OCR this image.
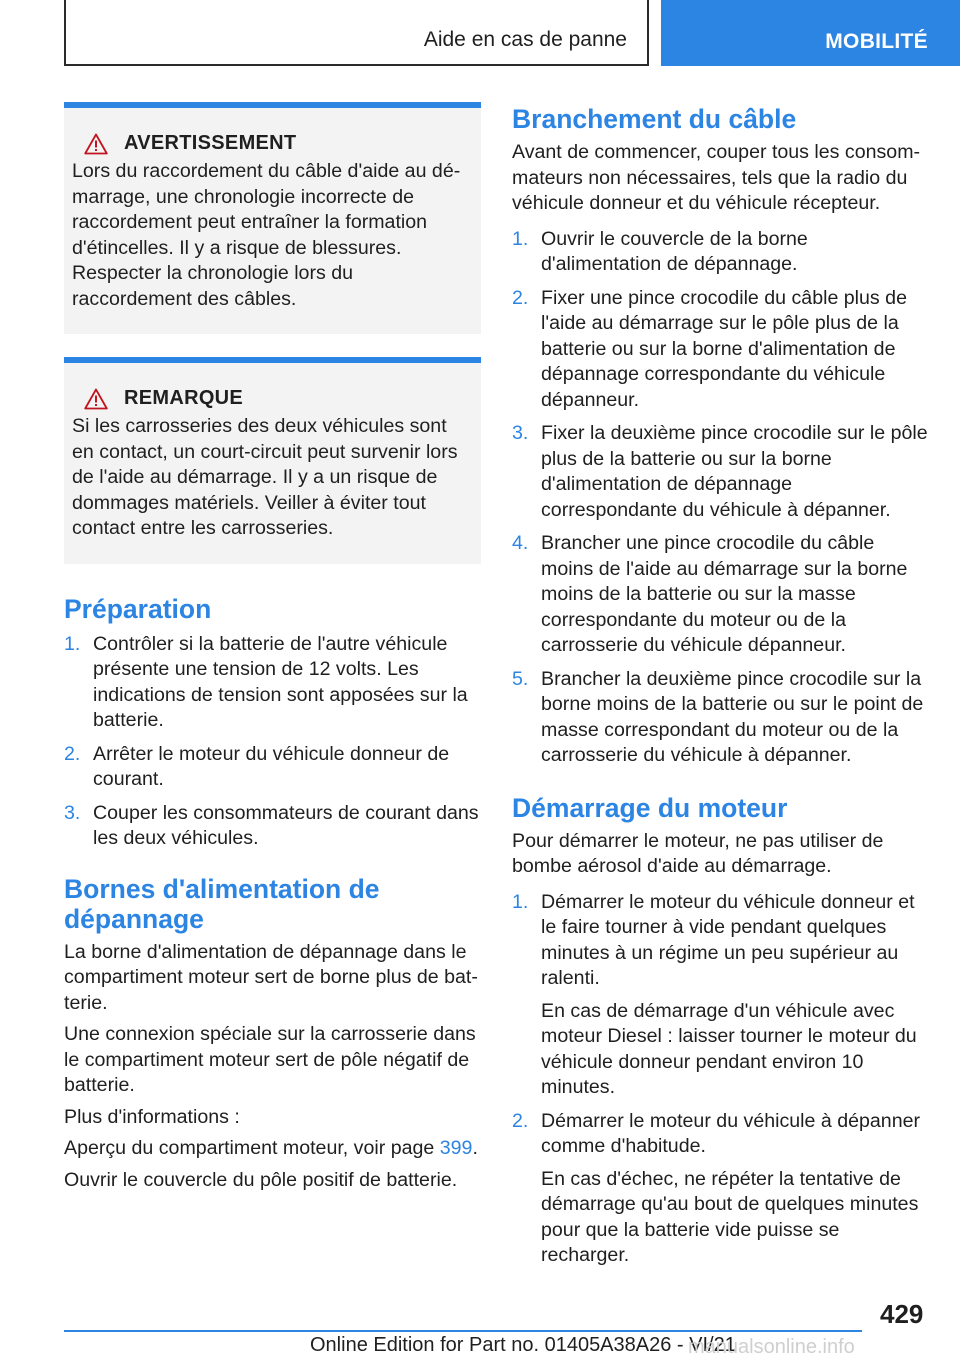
Aide en cas de panne	MOBILITÉ
AVERTISSEMENT
Lors du raccordement du câble d'aide au démarrage, une chronologie incorrecte de raccordement peut entraîner la formation d'étincelles. Il y a risque de blessures. Respecter la chronologie lors du raccordement des câbles.
REMARQUE
Si les carrosseries des deux véhicules sont en contact, un court-circuit peut survenir lors de l'aide au démarrage. Il y a un risque de dommages matériels. Veiller à éviter tout contact entre les carrosseries.
Préparation
1. Contrôler si la batterie de l'autre véhicule présente une tension de 12 volts. Les indications de tension sont apposées sur la batterie.
2. Arrêter le moteur du véhicule donneur de courant.
3. Couper les consommateurs de courant dans les deux véhicules.
Bornes d'alimentation de dépannage

La borne d'alimentation de dépannage dans le compartiment moteur sert de borne plus de batterie.

Une connexion spéciale sur la carrosserie dans le compartiment moteur sert de pôle négatif de batterie.

Plus d'informations :

Aperçu du compartiment moteur, voir page 399.

Ouvrir le couvercle du pôle positif de batterie.

Branchement du câble

Avant de commencer, couper tous les consommateurs non nécessaires, tels que la radio du véhicule donneur et du véhicule récepteur.

1. Ouvrir le couvercle de la borne d'alimentation de dépannage.
2. Fixer une pince crocodile du câble plus de l'aide au démarrage sur le pôle plus de la batterie ou sur la borne d'alimentation de dépannage correspondante du véhicule dépanneur.
3. Fixer la deuxième pince crocodile sur le pôle plus de la batterie ou sur la borne d'alimentation de dépannage correspondante du véhicule à dépanner.
4. Brancher une pince crocodile du câble moins de l'aide au démarrage sur la borne moins de la batterie ou sur la masse correspondante du moteur ou de la carrosserie du véhicule dépanneur.
5. Brancher la deuxième pince crocodile sur la borne moins de la batterie ou sur le point de masse correspondant du moteur ou de la carrosserie du véhicule à dépanner.
Démarrage du moteur

Pour démarrer le moteur, ne pas utiliser de bombe aérosol d'aide au démarrage.

1. Démarrer le moteur du véhicule donneur et le faire tourner à vide pendant quelques minutes à un régime un peu supérieur au ralenti.
En cas de démarrage d'un véhicule avec moteur Diesel : laisser tourner le moteur du véhicule donneur pendant environ 10 minutes.
2. Démarrer le moteur du véhicule à dépanner comme d'habitude.
En cas d'échec, ne répéter la tentative de démarrage qu'au bout de quelques minutes pour que la batterie vide puisse se recharger.
429
Online Edition for Part no. 01405A38A26 - VI/21
manualsonline.info
